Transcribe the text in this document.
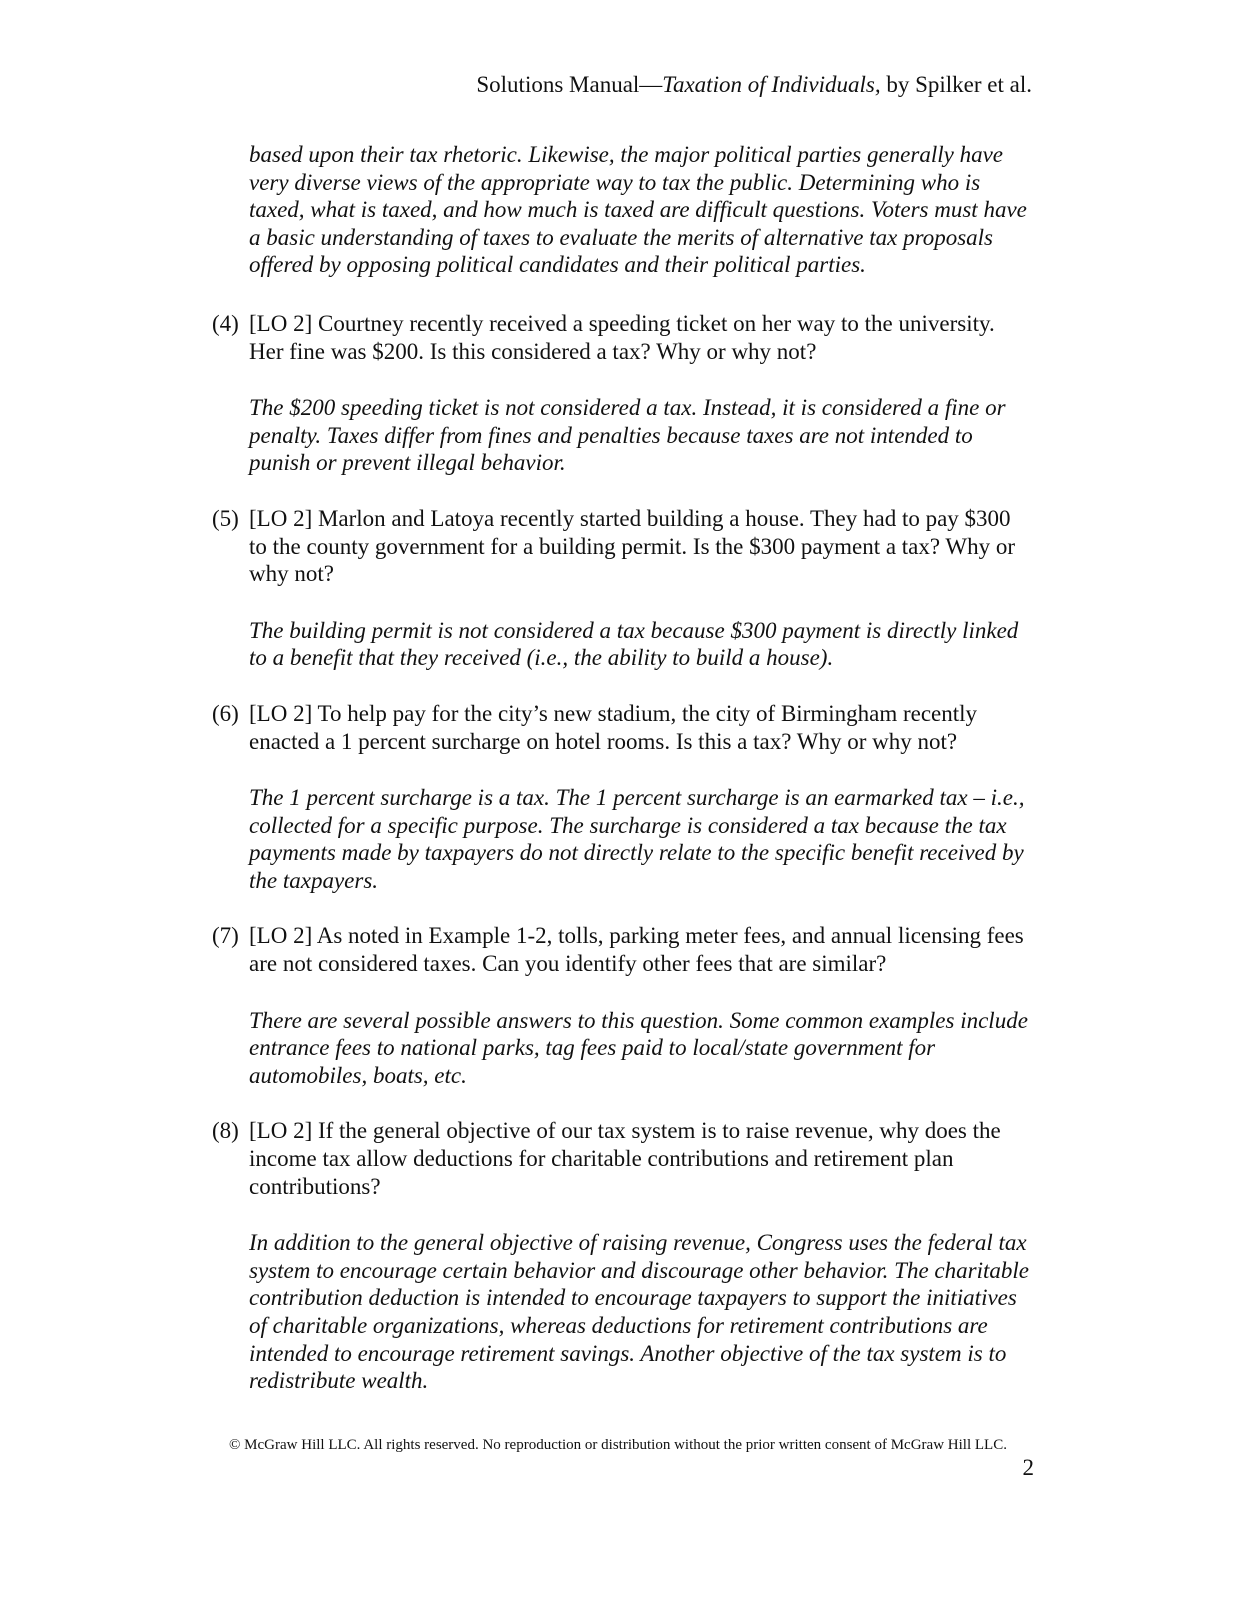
Solutions Manual—Taxation of Individuals, by Spilker et al.
based upon their tax rhetoric. Likewise, the major political parties generally have very diverse views of the appropriate way to tax the public. Determining who is taxed, what is taxed, and how much is taxed are difficult questions. Voters must have a basic understanding of taxes to evaluate the merits of alternative tax proposals offered by opposing political candidates and their political parties.
(4) [LO 2] Courtney recently received a speeding ticket on her way to the university. Her fine was $200. Is this considered a tax? Why or why not?
The $200 speeding ticket is not considered a tax. Instead, it is considered a fine or penalty. Taxes differ from fines and penalties because taxes are not intended to punish or prevent illegal behavior.
(5) [LO 2] Marlon and Latoya recently started building a house. They had to pay $300 to the county government for a building permit. Is the $300 payment a tax? Why or why not?
The building permit is not considered a tax because $300 payment is directly linked to a benefit that they received (i.e., the ability to build a house).
(6) [LO 2] To help pay for the city’s new stadium, the city of Birmingham recently enacted a 1 percent surcharge on hotel rooms. Is this a tax? Why or why not?
The 1 percent surcharge is a tax. The 1 percent surcharge is an earmarked tax – i.e., collected for a specific purpose. The surcharge is considered a tax because the tax payments made by taxpayers do not directly relate to the specific benefit received by the taxpayers.
(7) [LO 2] As noted in Example 1-2, tolls, parking meter fees, and annual licensing fees are not considered taxes. Can you identify other fees that are similar?
There are several possible answers to this question. Some common examples include entrance fees to national parks, tag fees paid to local/state government for automobiles, boats, etc.
(8) [LO 2] If the general objective of our tax system is to raise revenue, why does the income tax allow deductions for charitable contributions and retirement plan contributions?
In addition to the general objective of raising revenue, Congress uses the federal tax system to encourage certain behavior and discourage other behavior. The charitable contribution deduction is intended to encourage taxpayers to support the initiatives of charitable organizations, whereas deductions for retirement contributions are intended to encourage retirement savings. Another objective of the tax system is to redistribute wealth.
© McGraw Hill LLC. All rights reserved. No reproduction or distribution without the prior written consent of McGraw Hill LLC.
2
